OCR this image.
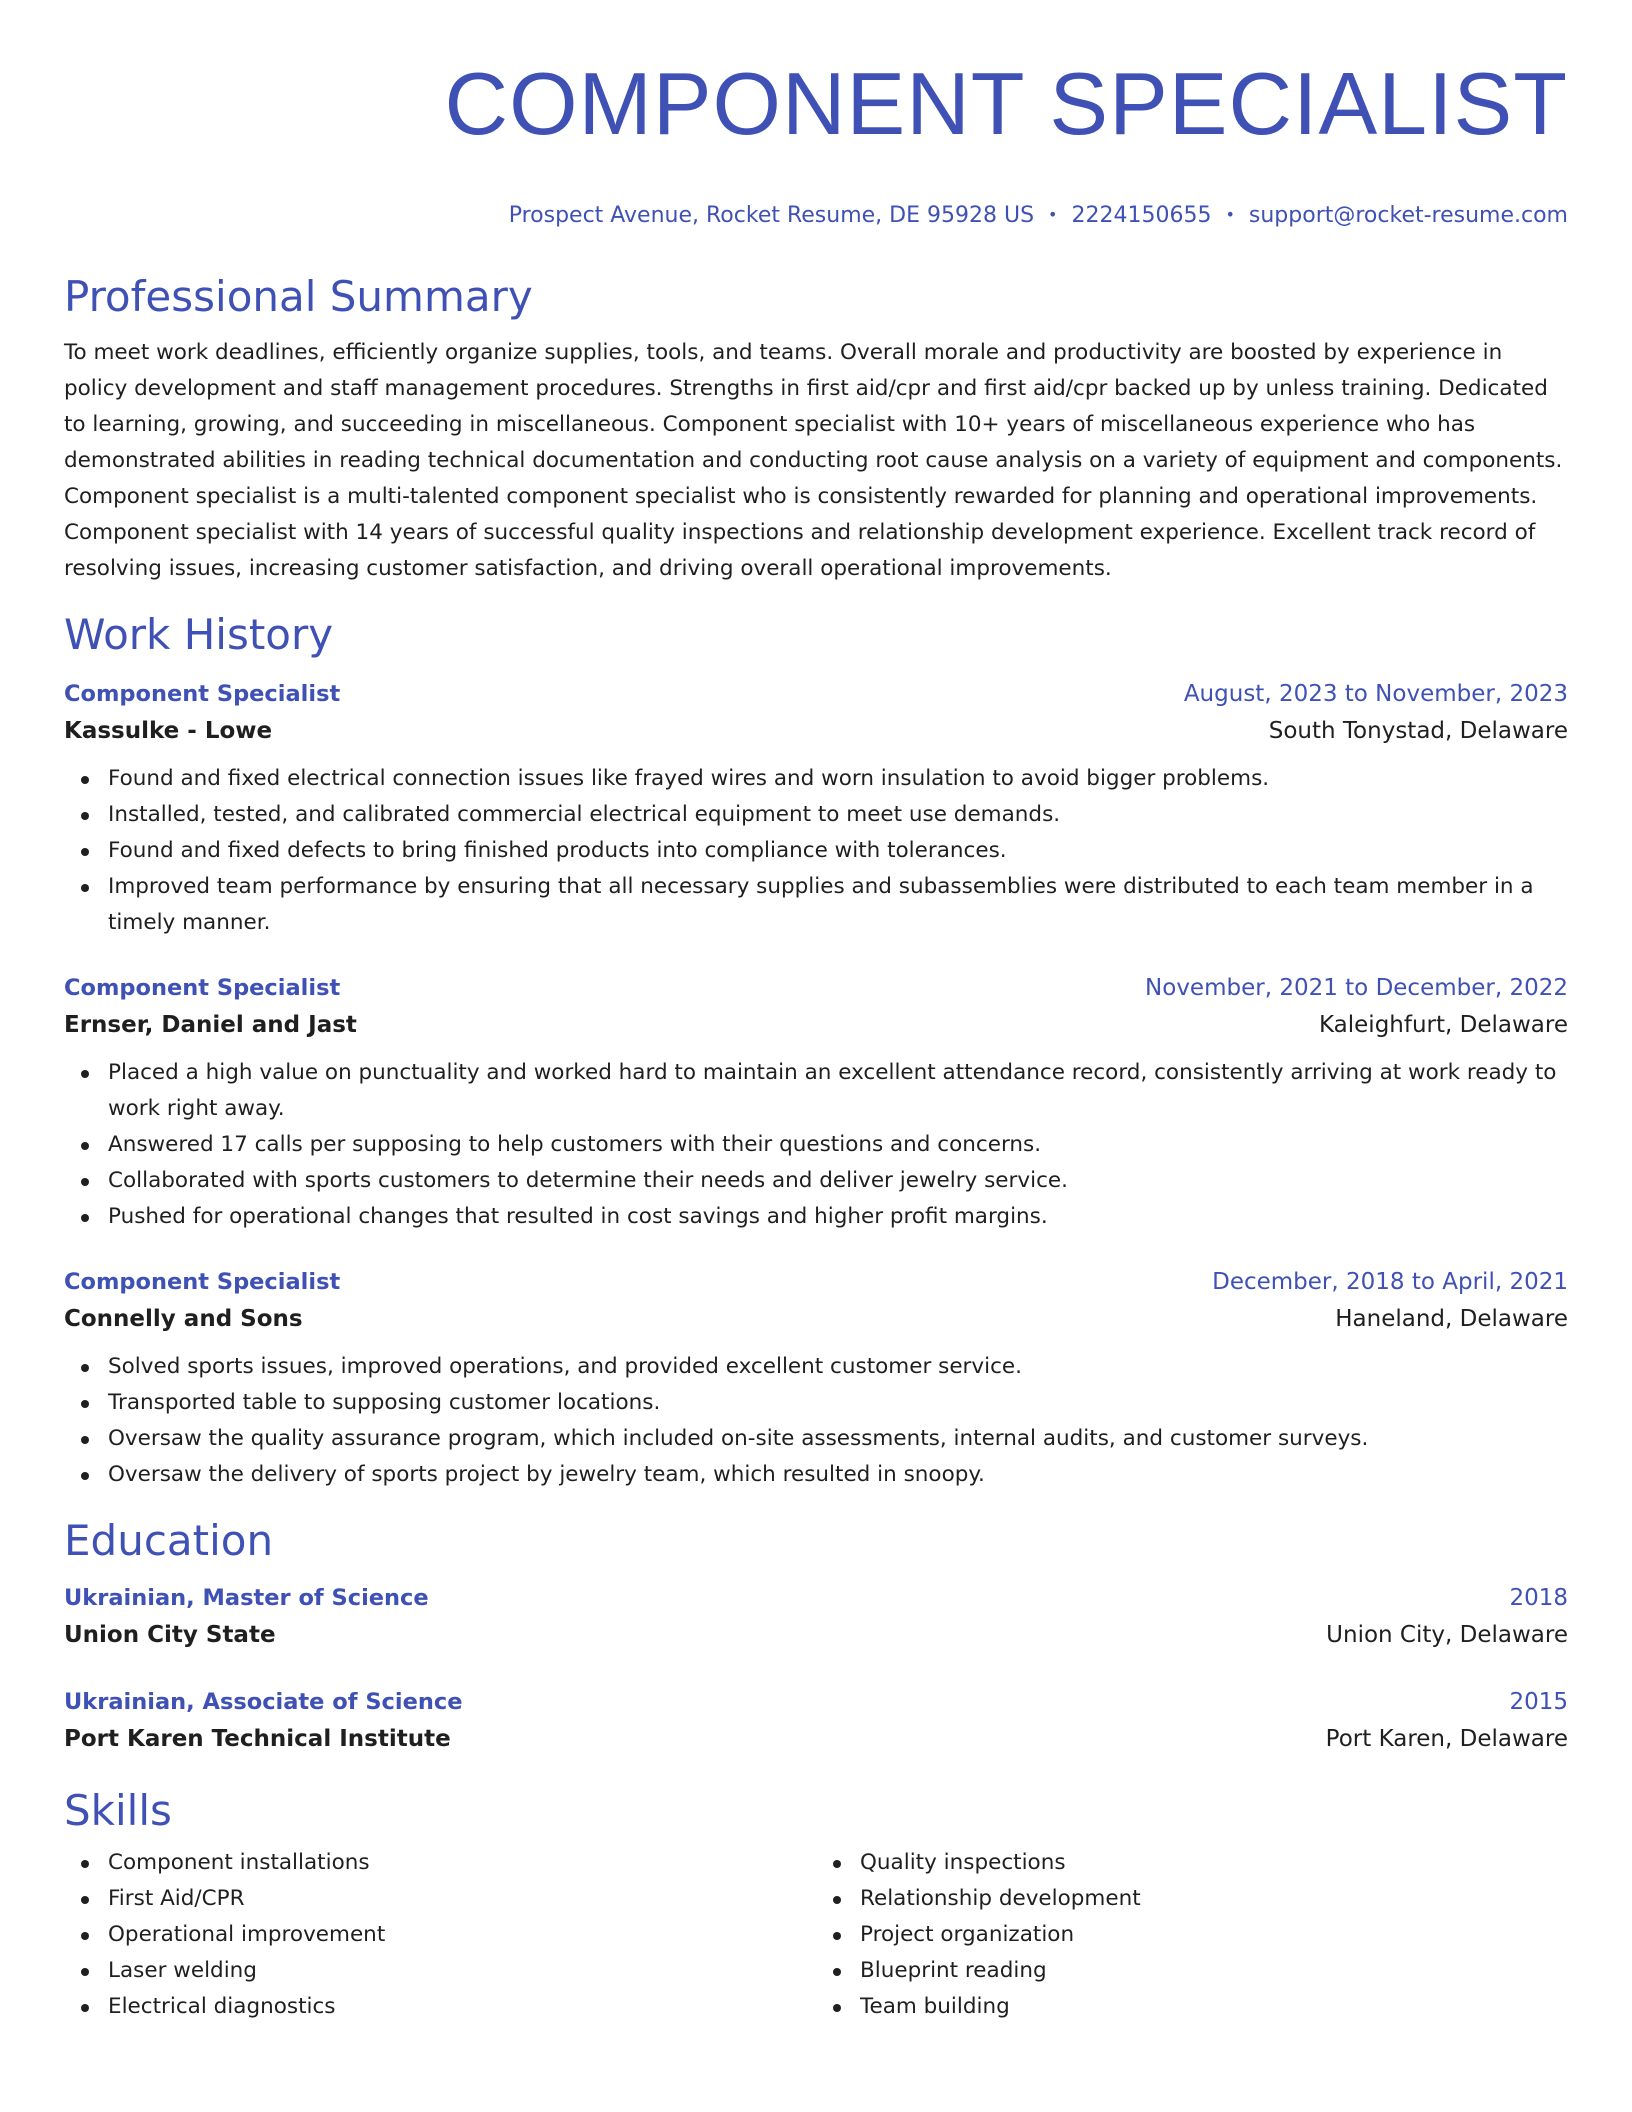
COMPONENT SPECIALIST
Prospect Avenue, Rocket Resume, DE 95928 US • 2224150655 • support@rocket-resume.com
Professional Summary
To meet work deadlines, efficiently organize supplies, tools, and teams. Overall morale and productivity are boosted by experience in policy development and staff management procedures. Strengths in first aid/cpr and first aid/cpr backed up by unless training. Dedicated to learning, growing, and succeeding in miscellaneous. Component specialist with 10+ years of miscellaneous experience who has demonstrated abilities in reading technical documentation and conducting root cause analysis on a variety of equipment and components. Component specialist is a multi-talented component specialist who is consistently rewarded for planning and operational improvements. Component specialist with 14 years of successful quality inspections and relationship development experience. Excellent track record of resolving issues, increasing customer satisfaction, and driving overall operational improvements.
Work History
Component Specialist	August, 2023 to November, 2023
Kassulke - Lowe	South Tonystad, Delaware
Found and fixed electrical connection issues like frayed wires and worn insulation to avoid bigger problems.
Installed, tested, and calibrated commercial electrical equipment to meet use demands.
Found and fixed defects to bring finished products into compliance with tolerances.
Improved team performance by ensuring that all necessary supplies and subassemblies were distributed to each team member in a timely manner.
Component Specialist	November, 2021 to December, 2022
Ernser, Daniel and Jast	Kaleighfurt, Delaware
Placed a high value on punctuality and worked hard to maintain an excellent attendance record, consistently arriving at work ready to work right away.
Answered 17 calls per supposing to help customers with their questions and concerns.
Collaborated with sports customers to determine their needs and deliver jewelry service.
Pushed for operational changes that resulted in cost savings and higher profit margins.
Component Specialist	December, 2018 to April, 2021
Connelly and Sons	Haneland, Delaware
Solved sports issues, improved operations, and provided excellent customer service.
Transported table to supposing customer locations.
Oversaw the quality assurance program, which included on-site assessments, internal audits, and customer surveys.
Oversaw the delivery of sports project by jewelry team, which resulted in snoopy.
Education
Ukrainian, Master of Science	2018
Union City State	Union City, Delaware
Ukrainian, Associate of Science	2015
Port Karen Technical Institute	Port Karen, Delaware
Skills
Component installations
First Aid/CPR
Operational improvement
Laser welding
Electrical diagnostics
Quality inspections
Relationship development
Project organization
Blueprint reading
Team building
